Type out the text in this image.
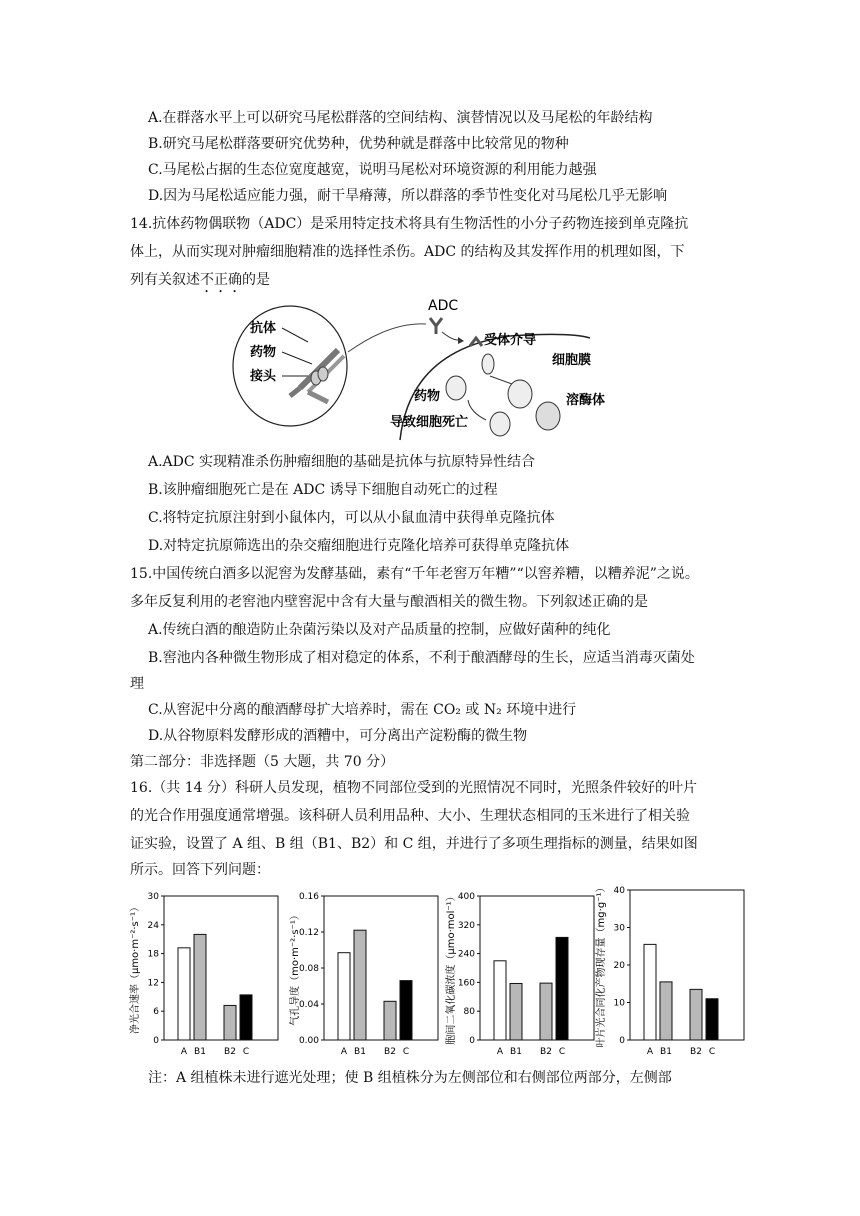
A.在群落水平上可以研究马尾松群落的空间结构、演替情况以及马尾松的年龄结构
B.研究马尾松群落要研究优势种，优势种就是群落中比较常见的物种
C.马尾松占据的生态位宽度越宽，说明马尾松对环境资源的利用能力越强
D.因为马尾松适应能力强，耐干旱瘠薄，所以群落的季节性变化对马尾松几乎无影响
14.抗体药物偶联物（ADC）是采用特定技术将具有生物活性的小分子药物连接到单克隆抗
体上，从而实现对肿瘤细胞精准的选择性杀伤。ADC 的结构及其发挥作用的机理如图，下
列有关叙述不正确的是
抗体
药物
接头
ADC
受体介导
细胞膜
溶酶体
药物
导致细胞死亡
A.ADC 实现精准杀伤肿瘤细胞的基础是抗体与抗原特异性结合
B.该肿瘤细胞死亡是在 ADC 诱导下细胞自动死亡的过程
C.将特定抗原注射到小鼠体内，可以从小鼠血清中获得单克隆抗体
D.对特定抗原筛选出的杂交瘤细胞进行克隆化培养可获得单克隆抗体
15.中国传统白酒多以泥窖为发酵基础，素有“千年老窖万年糟”“以窖养糟，以糟养泥”之说。
多年反复利用的老窖池内壁窖泥中含有大量与酿酒相关的微生物。下列叙述正确的是
A.传统白酒的酿造防止杂菌污染以及对产品质量的控制，应做好菌种的纯化
B.窖池内各种微生物形成了相对稳定的体系，不利于酿酒酵母的生长，应适当消毒灭菌处
理
C.从窖泥中分离的酿酒酵母扩大培养时，需在 CO₂ 或 N₂ 环境中进行
D.从谷物原料发酵形成的酒糟中，可分离出产淀粉酶的微生物
第二部分：非选择题（5 大题，共 70 分）
16.（共 14 分）科研人员发现，植物不同部位受到的光照情况不同时，光照条件较好的叶片
的光合作用强度通常增强。该科研人员利用品种、大小、生理状态相同的玉米进行了相关验
证实验，设置了 A 组、B 组（B1、B2）和 C 组，并进行了多项生理指标的测量，结果如图
所示。回答下列问题：
30
24
18
12
6
0
净光合速率（μmo·m⁻²·s⁻¹）
A B1 B2 C
0.16
0.12
0.08
0.04
0.00
气孔导度（mo·m⁻²·s⁻¹）
A B1 B2 C
400
320
240
160
80
0
胞间二氧化碳浓度（μmo·mol⁻¹）
A B1 B2 C
40
30
20
10
0
叶片光合同化产物现存量（mg·g⁻¹）
A B1 B2 C
注：A 组植株未进行遮光处理；使 B 组植株分为左侧部位和右侧部位两部分，左侧部
